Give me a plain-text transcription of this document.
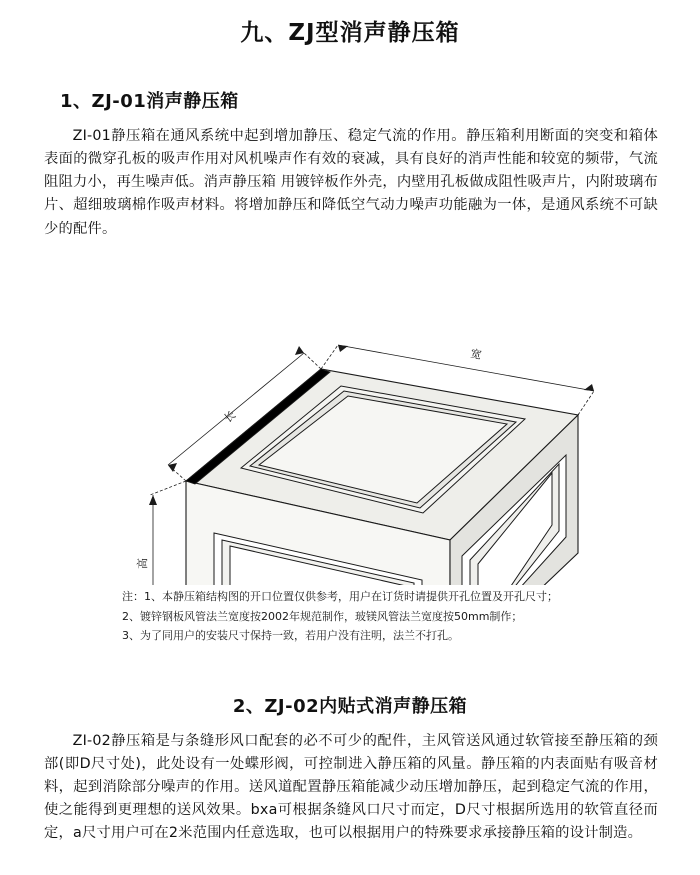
九、ZJ型消声静压箱
1、ZJ-01消声静压箱

ZI-01静压箱在通风系统中起到增加静压、稳定气流的作用。静压箱利用断面的突变和箱体表面的微穿孔板的吸声作用对风机噪声作有效的衰减，具有良好的消声性能和较宽的频带，气流阻阻力小，再生噪声低。消声静压箱 用镀锌板作外壳，内壁用孔板做成阻性吸声片，内附玻璃布片、超细玻璃棉作吸声材料。将增加静压和降低空气动力噪声功能融为一体，是通风系统不可缺少的配件。

宽
长
高
注：1、本静压箱结构图的开口位置仅供参考，用户在订货时请提供开孔位置及开孔尺寸；
2、镀锌钢板风管法兰宽度按2002年规范制作，玻镁风管法兰宽度按50mm制作；
3、为了同用户的安装尺寸保持一致，若用户没有注明，法兰不打孔。
2、ZJ-02内贴式消声静压箱

ZI-02静压箱是与条缝形风口配套的必不可少的配件，主风管送风通过软管接至静压箱的颈部(即D尺寸处)，此处设有一处蝶形阀，可控制进入静压箱的风量。静压箱的内表面贴有吸音材料，起到消除部分噪声的作用。送风道配置静压箱能减少动压增加静压，起到稳定气流的作用，使之能得到更理想的送风效果。bxa可根据条缝风口尺寸而定，D尺寸根据所选用的软管直径而定，a尺寸用户可在2米范围内任意选取，也可以根据用户的特殊要求承接静压箱的设计制造。
